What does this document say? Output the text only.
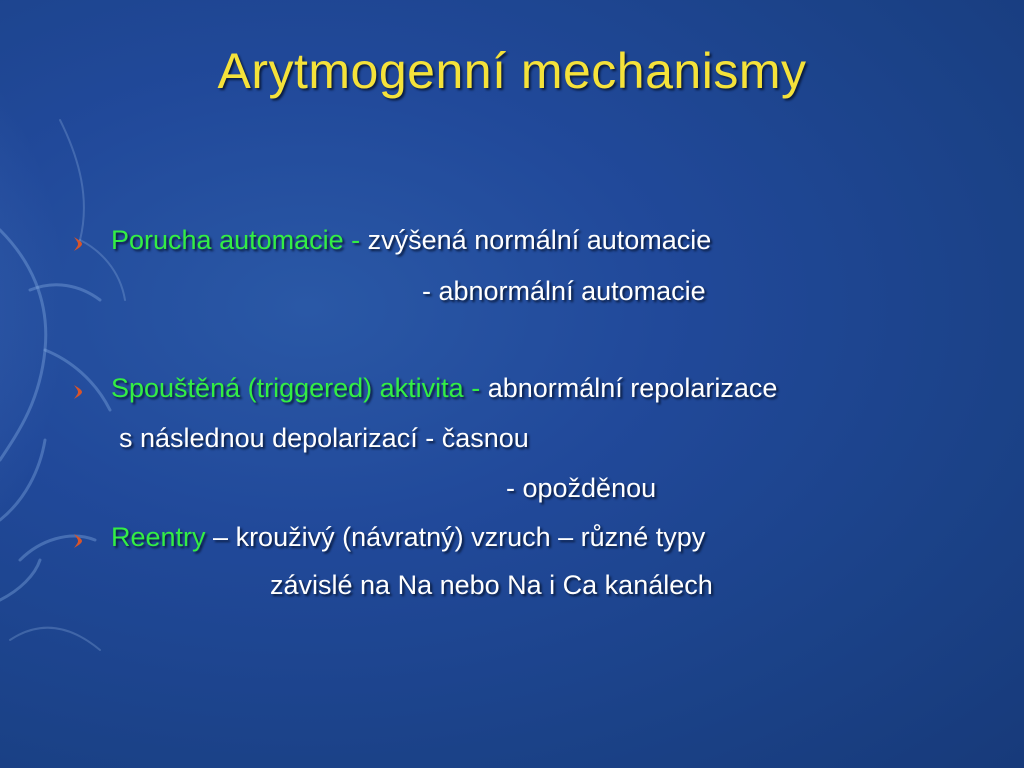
Arytmogenní mechanismy
Porucha automacie - zvýšená normální automacie
- abnormální automacie
Spouštěná (triggered) aktivita - abnormální repolarizace
s následnou depolarizací - časnou
- opožděnou
Reentry – krouživý (návratný) vzruch – různé typy
závislé na Na nebo Na i Ca kanálech
